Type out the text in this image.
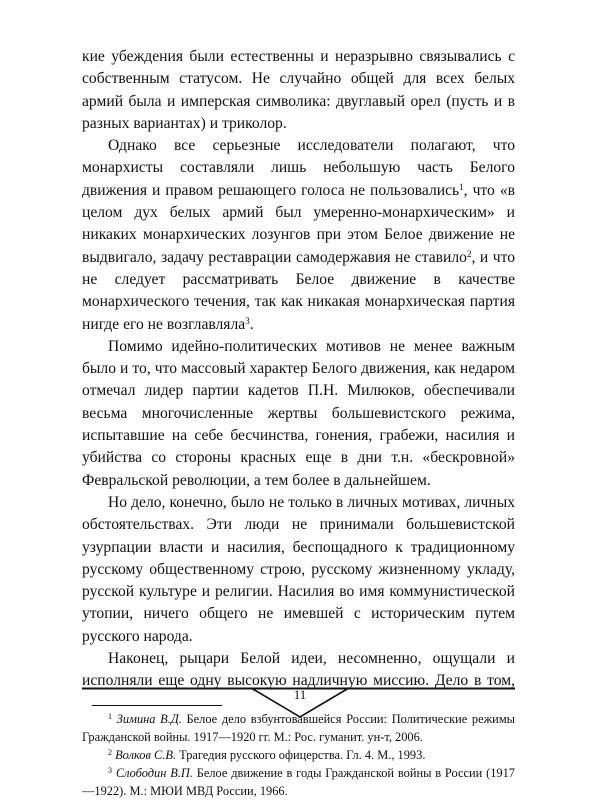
кие убеждения были естественны и неразрывно связывались с собственным статусом. Не случайно общей для всех белых армий была и имперская символика: двуглавый орел (пусть и в разных вариантах) и триколор.

Однако все серьезные исследователи полагают, что монархисты составляли лишь небольшую часть Белого движения и правом решающего голоса не пользовались$^1$, что «в целом дух белых армий был умеренно-монархическим» и никаких монархических лозунгов при этом Белое движение не выдвигало, задачу реставрации самодержавия не ставило$^2$, и что не следует рассматривать Белое движение в качестве монархического течения, так как никакая монархическая партия нигде его не возглавляла$^3$.

Помимо идейно-политических мотивов не менее важным было и то, что массовый характер Белого движения, как недаром отмечал лидер партии кадетов П.Н. Милюков, обеспечивали весьма многочисленные жертвы большевистского режима, испытавшие на себе бесчинства, гонения, грабежи, насилия и убийства со стороны красных еще в дни т.н. «бескровной» Февральской революции, а тем более в дальнейшем.

Но дело, конечно, было не только в личных мотивах, личных обстоятельствах. Эти люди не принимали большевистской узурпации власти и насилия, беспощадного к традиционному русскому общественному строю, русскому жизненному укладу, русской культуре и религии. Насилия во имя коммунистической утопии, ничего общего не имевшей с историческим путем русского народа.

Наконец, рыцари Белой идеи, несомненно, ощущали и исполняли еще одну высокую надличную миссию. Дело в том,

$^1$ Зимина В.Д. Белое дело взбунтовавшейся России: Политические режимы Гражданской войны. 1917—1920 гг. М.: Рос. гуманит. ун-т, 2006.

$^2$ Волков С.В. Трагедия русского офицерства. Гл. 4. М., 1993.

$^3$ Слободин В.П. Белое движение в годы Гражданской войны в России (1917—1922). М.: МЮИ МВД России, 1966.

11
